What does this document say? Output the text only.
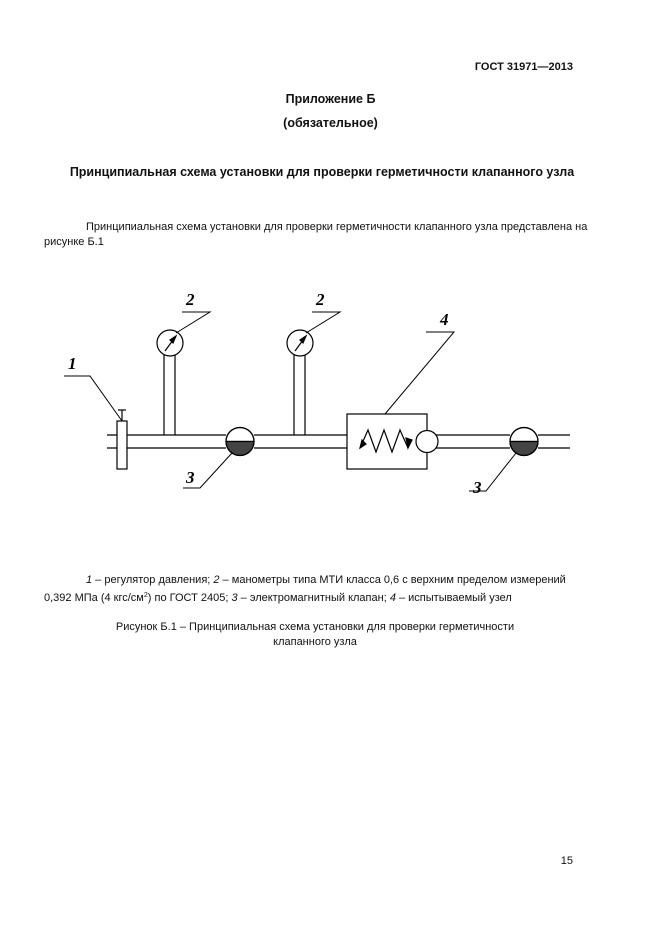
ГОСТ 31971—2013
Приложение Б
(обязательное)
Принципиальная схема установки для проверки герметичности клапанного узла
Принципиальная схема установки для проверки герметичности клапанного узла представлена на рисунке Б.1
1
2	2
4
3
3
1 – регулятор давления; 2 – манометры типа МТИ класса 0,6 с верхним пределом измерений 0,392 МПа (4 кгс/$см^2$) по ГОСТ 2405; 3 – электромагнитный клапан; 4 – испытываемый узел
Рисунок Б.1 – Принципиальная схема установки для проверки герметичности
клапанного узла
15
